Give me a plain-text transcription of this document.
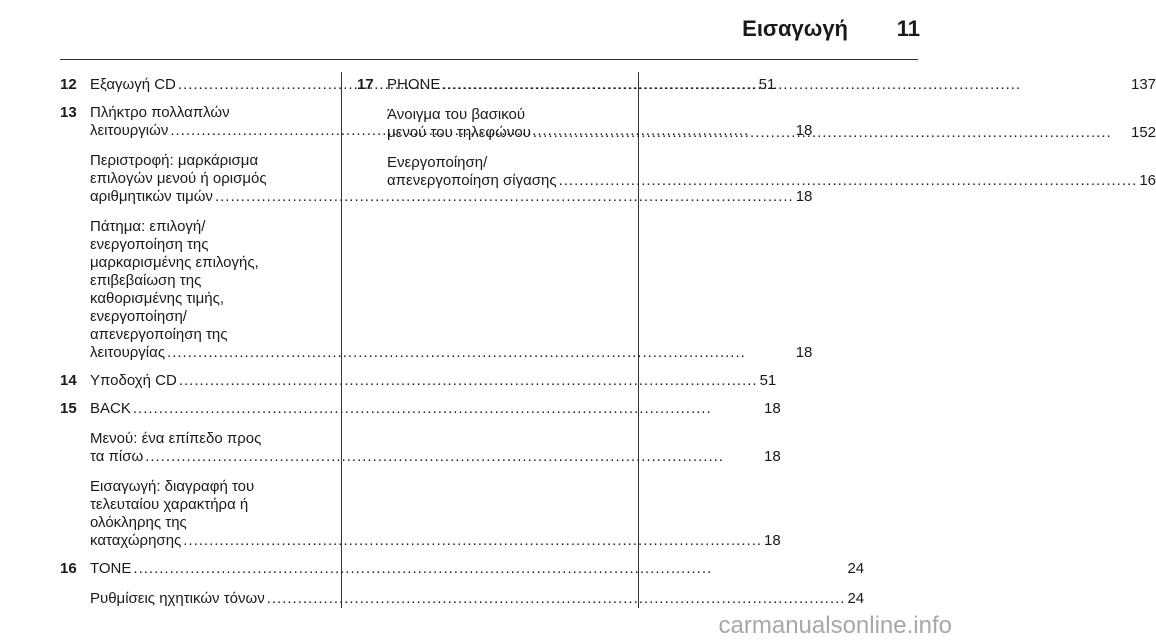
Εισαγωγή 11
12 Εξαγωγή CD .....	51
13 Πλήκτρο πολλαπλών
λειτουργιών .....	18
Περιστροφή: μαρκάρισμα
επιλογών μενού ή ορισμός
αριθμητικών τιμών .....	18
Πάτημα: επιλογή/
ενεργοποίηση της
μαρκαρισμένης επιλογής,
επιβεβαίωση της
καθορισμένης τιμής,
ενεργοποίηση/
απενεργοποίηση της
λειτουργίας .....	18
14 Υποδοχή CD .....	51
15 BACK .....	18
Μενού: ένα επίπεδο προς
τα πίσω .....	18
Εισαγωγή: διαγραφή του
τελευταίου χαρακτήρα ή
ολόκληρης της
καταχώρησης .....	18
16 TONE .....	24
Ρυθμίσεις ηχητικών τόνων .....	24
17 PHONE .....	137
Άνοιγμα του βασικού
μενού του τηλεφώνου .....	152
Ενεργοποίηση/
απενεργοποίηση σίγασης .....	16
carmanualsonline.info
